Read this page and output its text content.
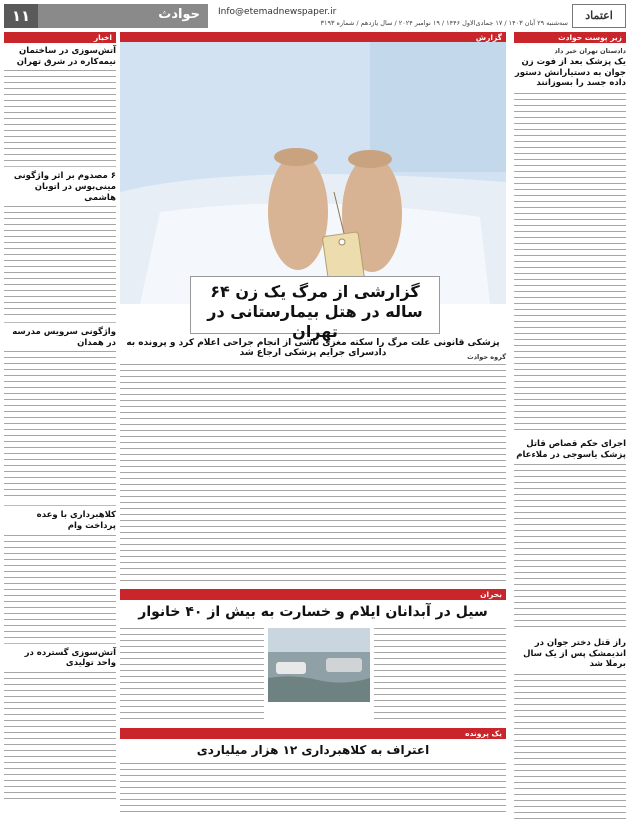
۱۱	حوادث Info@etemadnewspaper.ir
سه‌شنبه ۲۹ آبان ۱۴۰۳ / ۱۷ جمادی‌الاول ۱۴۴۶ / ۱۹ نوامبر ۲۰۲۴ / سال یازدهم / شماره ۳۱۹۳
اعتماد
زیر پوست حوادث
دادستان تهران خبر داد
یک پزشک بعد از فوت زن جوان به دستیارانش دستور داده جسد را بسوزانند
اجرای حکم قصاص قاتل پزشک یاسوجی در ملاءعام
راز قتل دختر جوان در اندیمشک پس از یک سال برملا شد
اخبار
آتش‌سوزی در ساختمان نیمه‌کاره در شرق تهران
۶ مصدوم بر اثر واژگونی مینی‌بوس در اتوبان هاشمی
واژگونی سرویس مدرسه در همدان
کلاهبرداری با وعده پرداخت وام
آتش‌سوزی گسترده در واحد تولیدی
گزارش
گزارشی از مرگ یک زن ۶۴ ساله در هتل بیمارستانی در تهران
پزشکی قانونی علت مرگ را سکته مغزی ناشی از انجام جراحی اعلام کرد و پرونده به دادسرای جرایم پزشکی ارجاع شد	گروه حوادث
بحران
سیل در آبدانان ایلام و خسارت به بیش از ۴۰ خانوار
یک پرونده
اعتراف به کلاهبرداری ۱۲ هزار میلیاردی
